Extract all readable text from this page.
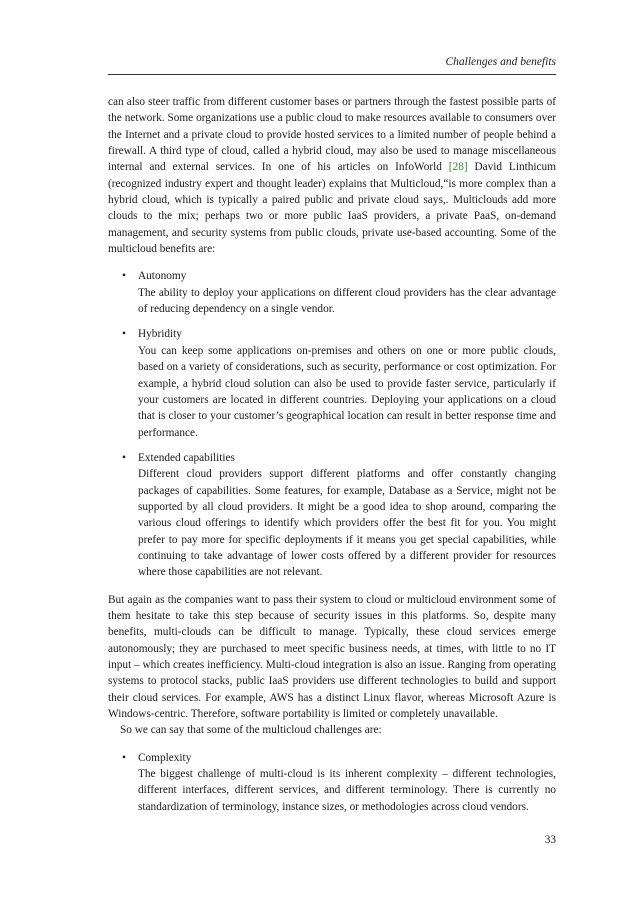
Challenges and benefits

can also steer traffic from different customer bases or partners through the fastest possible parts of the network. Some organizations use a public cloud to make resources available to consumers over the Internet and a private cloud to provide hosted services to a limited number of people behind a firewall. A third type of cloud, called a hybrid cloud, may also be used to manage miscellaneous internal and external services. In one of his articles on InfoWorld [28] David Linthicum (recognized industry expert and thought leader) explains that Multicloud,“is more complex than a hybrid cloud, which is typically a paired public and private cloud says,. Multiclouds add more clouds to the mix; perhaps two or more public IaaS providers, a private PaaS, on-demand management, and security systems from public clouds, private use-based accounting. Some of the multicloud benefits are:

• Autonomy
The ability to deploy your applications on different cloud providers has the clear advantage of reducing dependency on a single vendor.
• Hybridity
You can keep some applications on-premises and others on one or more public clouds, based on a variety of considerations, such as security, performance or cost optimization. For example, a hybrid cloud solution can also be used to provide faster service, particularly if your customers are located in different countries. Deploying your applications on a cloud that is closer to your customer’s geographical location can result in better response time and performance.
• Extended capabilities
Different cloud providers support different platforms and offer constantly changing packages of capabilities. Some features, for example, Database as a Service, might not be supported by all cloud providers. It might be a good idea to shop around, comparing the various cloud offerings to identify which providers offer the best fit for you. You might prefer to pay more for specific deployments if it means you get special capabilities, while continuing to take advantage of lower costs offered by a different provider for resources where those capabilities are not relevant.

But again as the companies want to pass their system to cloud or multicloud environment some of them hesitate to take this step because of security issues in this platforms. So, despite many benefits, multi-clouds can be difficult to manage. Typically, these cloud services emerge autonomously; they are purchased to meet specific business needs, at times, with little to no IT input – which creates inefficiency. Multi-cloud integration is also an issue. Ranging from operating systems to protocol stacks, public IaaS providers use different technologies to build and support their cloud services. For example, AWS has a distinct Linux flavor, whereas Microsoft Azure is Windows-centric. Therefore, software portability is limited or completely unavailable.

So we can say that some of the multicloud challenges are:

• Complexity
The biggest challenge of multi-cloud is its inherent complexity – different technologies, different interfaces, different services, and different terminology. There is currently no standardization of terminology, instance sizes, or methodologies across cloud vendors.
33
